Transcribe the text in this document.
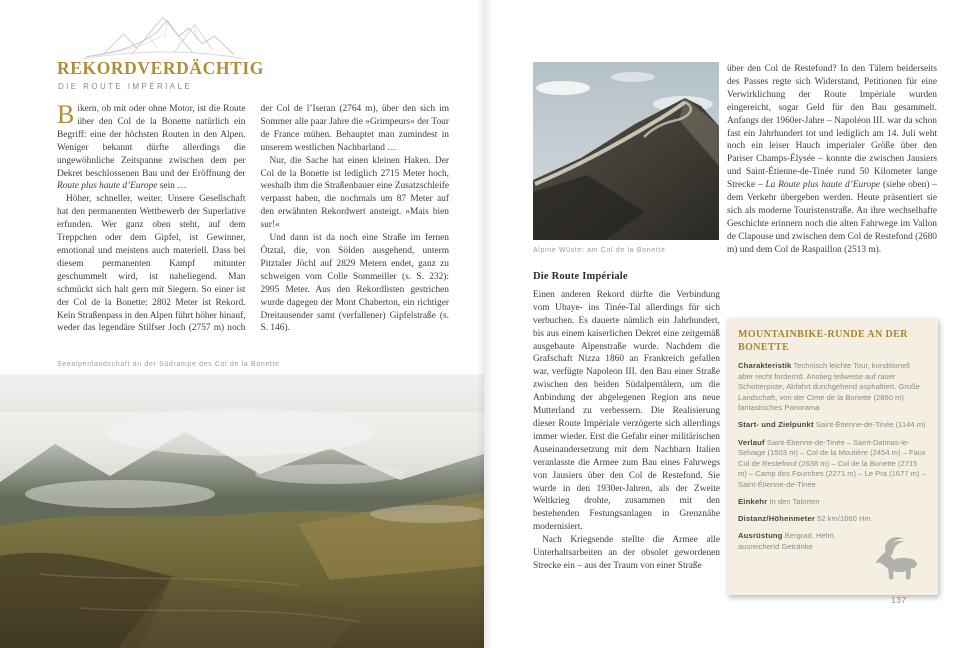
REKORDVERDÄCHTIG
DIE ROUTE IMPÉRIALE

Bikern, ob mit oder ohne Motor, ist die Route über den Col de la Bonette natürlich ein Begriff: eine der höchsten Routen in den Alpen. Weniger bekannt dürfte allerdings die ungewöhnliche Zeitspanne zwischen dem per Dekret beschlossenen Bau und der Eröffnung der Route plus haute d’Europe sein …

Höher, schneller, weiter. Unsere Gesellschaft hat den permanenten Wettbewerb der Superlative erfunden. Wer ganz oben steht, auf dem Treppchen oder dem Gipfel, ist Gewinner, emotional und meistens auch materiell. Dass bei diesem permanenten Kampf mitunter geschummelt wird, ist naheliegend. Man schmückt sich halt gern mit Siegern. So einer ist der Col de la Bonette: 2802 Meter ist Rekord. Kein Straßenpass in den Alpen führt höher hinauf, weder das legendäre Stilfser Joch (2757 m) noch der Col de l’Iseran (2764 m), über den sich im Sommer alle paar Jahre die »Grimpeurs« der Tour de France mühen. Behauptet man zumindest in unserem westlichen Nachbarland …

Nur, die Sache hat einen kleinen Haken. Der Col de la Bonette ist lediglich 2715 Meter hoch, weshalb ihm die Straßenbauer eine Zusatzschleife verpasst haben, die nochmals um 87 Meter auf den erwähnten Rekordwert ansteigt. »Mais bien sur!«

Und dann ist da noch eine Straße im fernen Ötztal, die, von Sölden ausgehend, unterm Pitztaler Jöchl auf 2829 Metern endet, ganz zu schweigen vom Colle Sommeiller (s. S. 232): 2995 Meter. Aus den Rekordlisten gestrichen wurde dagegen der Mont Chaberton, ein richtiger Dreitausender samt (verfallener) Gipfelstraße (s. S. 146).

Seealpenlandschaft an der Südrampe des Col de la Bonette
Alpine Wüste: am Col de la Bonette
Die Route Impériale

Einen anderen Rekord dürfte die Verbindung vom Ubaye- ins Tinée-Tal allerdings für sich verbuchen. Es dauerte nämlich ein Jahrhundert, bis aus einem kaiserlichen Dekret eine zeitgemäß ausgebaute Alpenstraße wurde. Nachdem die Grafschaft Nizza 1860 an Frankreich gefallen war, verfügte Napoleon III. den Bau einer Straße zwischen den beiden Südalpentälern, um die Anbindung der abgelegenen Region ans neue Mutterland zu verbessern. Die Realisierung dieser Route Impériale verzögerte sich allerdings immer wieder. Erst die Gefahr einer militärischen Auseinandersetzung mit dem Nachbarn Italien veranlasste die Armee zum Bau eines Fahrwegs von Jausiers über den Col de Restefond. Sie wurde in den 1930er-Jahren, als der Zweite Weltkrieg drohte, zusammen mit den bestehenden Festungsanlagen in Grenznähe modernisiert.

Nach Kriegsende stellte die Armee alle Unterhaltsarbeiten an der obsolet gewordenen Strecke ein – aus der Traum von einer Straße

über den Col de Restefond? In den Tälern beiderseits des Passes regte sich Widerstand, Petitionen für eine Verwirklichung der Route Impériale wurden eingereicht, sogar Geld für den Bau gesammelt. Anfangs der 1960er-Jahre – Napoléon III. war da schon fast ein Jahrhundert tot und lediglich am 14. Juli weht noch ein leiser Hauch imperialer Größe über den Pariser Champs-Élysée – konnte die zwischen Jausiers und Saint-Étienne-de-Tinée rund 50 Kilometer lange Strecke – La Route plus haute d’Europe (siehe oben) – dem Verkehr übergeben werden. Heute präsentiert sie sich als moderne Touristenstraße. An ihre wechselhafte Geschichte erinnern noch die alten Fahrwege im Vallon de Clapouse und zwischen dem Col de Restefond (2680 m) und dem Col de Raspaillon (2513 m).

MOUNTAINBIKE-RUNDE AN DER BONETTE

Charakteristik Technisch leichte Tour, konditionell aber recht fordernd. Anstieg teilweise auf rauer Schotterpiste, Abfahrt durchgehend asphaltiert. Große Landschaft, von der Cime de la Bonette (2860 m) fantastisches Panorama

Start- und Zielpunkt Saint-Étienne-de-Tinée (1144 m)

Verlauf Saint-Étienne-de-Tinée – Saint-Dalmas-le-Selvage (1503 m) – Col de la Moutière (2454 m) – Faux Col de Restefond (2638 m) – Col de la Bonette (2715 m) – Camp des Fourches (2271 m) – Le Pra (1677 m) – Saint-Étienne-de-Tinée

Einkehr In den Talorten

Distanz/Höhenmeter 52 km/1660 Hm

Ausrüstung Bergrad, Helm, ausreichend Getränke

137
